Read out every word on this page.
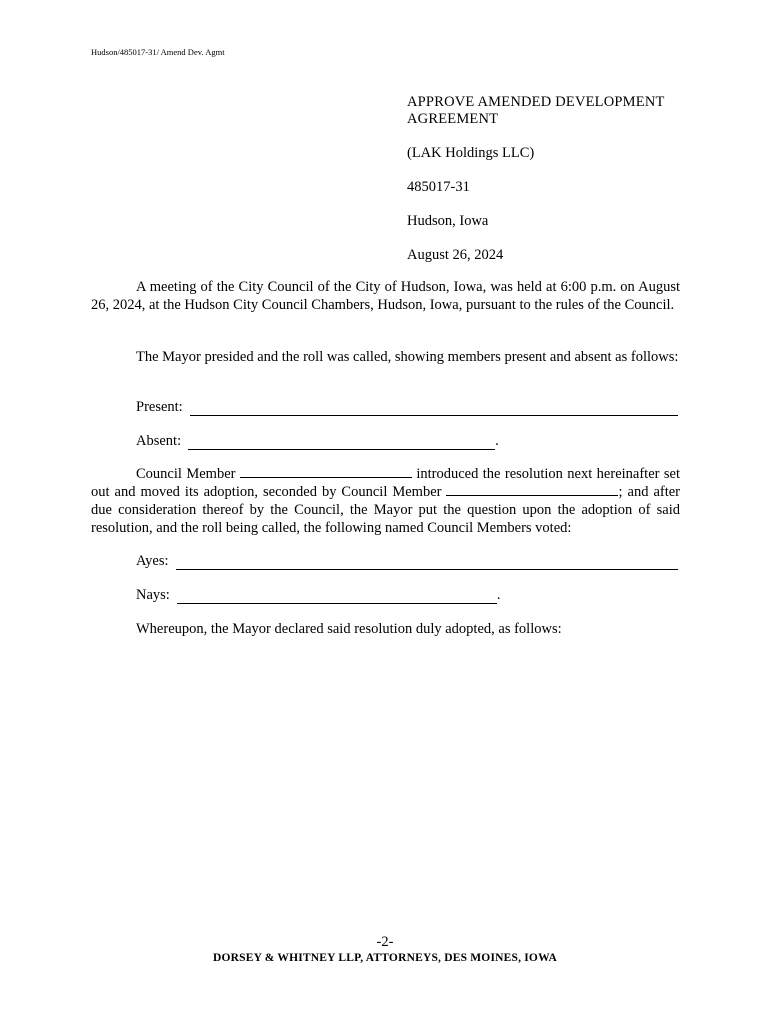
Hudson/485017-31/ Amend Dev. Agmt
APPROVE AMENDED DEVELOPMENT
AGREEMENT
(LAK Holdings LLC)
485017-31
Hudson, Iowa
August 26, 2024

A meeting of the City Council of the City of Hudson, Iowa, was held at 6:00 p.m. on August 26, 2024, at the Hudson City Council Chambers, Hudson, Iowa, pursuant to the rules of the Council.

The Mayor presided and the roll was called, showing members present and absent as follows:

Present:
Absent:	.

Council Member	introduced the resolution next hereinafter set out and moved its adoption, seconded by Council Member	; and after due consideration thereof by the Council, the Mayor put the question upon the adoption of said resolution, and the roll being called, the following named Council Members voted:

Ayes:
Nays:	.

Whereupon, the Mayor declared said resolution duly adopted, as follows:

-2-
DORSEY & WHITNEY LLP, ATTORNEYS, DES MOINES, IOWA
